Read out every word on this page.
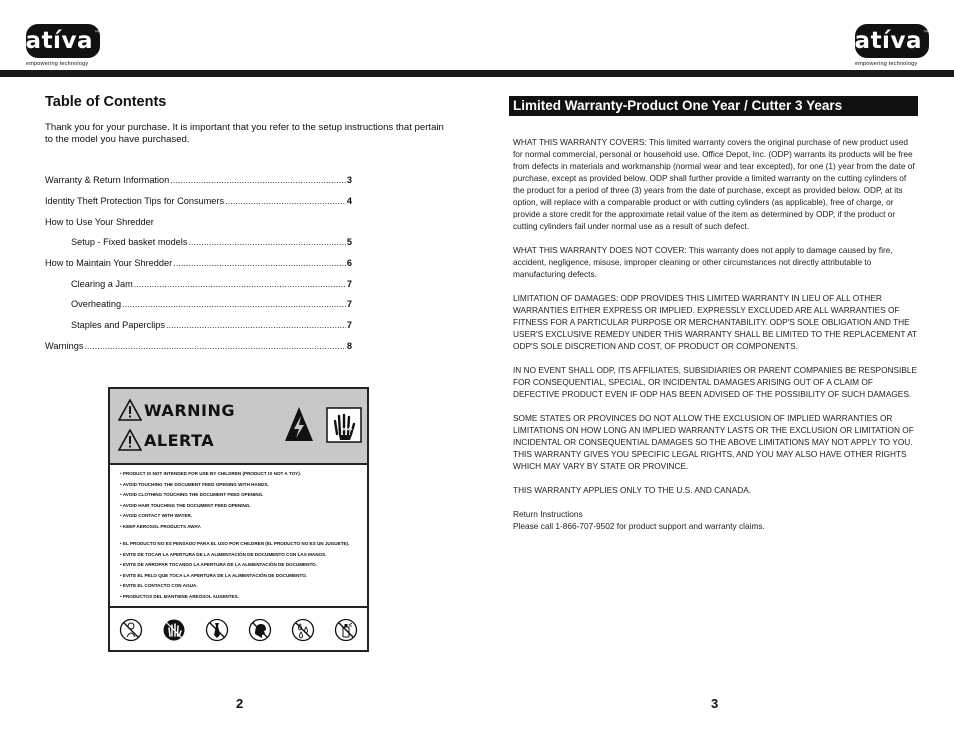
atíva™
empowering technology
atíva™
empowering technology
Table of Contents
Thank you for your purchase. It is important that you refer to the setup instructions that pertain to the model you have purchased.
Warranty & Return Information .....	3
Identity Theft Protection Tips for Consumers .....	4
How to Use Your Shredder
Setup - Fixed basket models .....	5
How to Maintain Your Shredder .....	6
Clearing a Jam .....	7
Overheating .....	7
Staples and Paperclips .....	7
Warnings .....	8
WARNING
ALERTA
• PRODUCT IS NOT INTENDED FOR USE BY CHILDREN (PRODUCT IS NOT A TOY).
• AVOID TOUCHING THE DOCUMENT FEED OPENING WITH HANDS.
• AVOID CLOTHING TOUCHING THE DOCUMENT FEED OPENING.
• AVOID HAIR TOUCHING THE DOCUMENT FEED OPENING.
• AVOID CONTACT WITH WATER.
• KEEP AEROSOL PRODUCTS AWAY.
• EL PRODUCTO NO ES PENSADO PARA EL USO POR CHILDREN (EL PRODUCTO NO ES UN JUGUETE).
• EVITE DE TOCAR LA APERTURA DE LA ALIMENTACIÓN DE DOCUMENTO CON LAS MANOS.
• EVITE DE ARROPAR TOCANDO LA APERTURA DE LA ALIMENTACIÓN DE DOCUMENTO.
• EVITE EL PELO QUE TOCA LA APERTURA DE LA ALIMENTACIÓN DE DOCUMENTO.
• EVITE EL CONTACTO CON AGUA.
• PRODUCTOS DEL MANTIENE AREOSOL AUSENTES.
2
Limited Warranty-Product One Year / Cutter 3 Years

WHAT THIS WARRANTY COVERS: This limited warranty covers the original purchase of new product used for normal commercial, personal or household use. Office Depot, Inc. (ODP) warrants its products will be free from defects in materials and workmanship (normal wear and tear excepted), for one (1) year from the date of purchase, except as provided below. ODP shall further provide a limited warranty on the cutting cylinders of the product for a period of three (3) years from the date of purchase, except as provided below. ODP, at its option, will replace with a comparable product or with cutting cylinders (as applicable), free of charge, or provide a store credit for the approximate retail value of the item as determined by ODP, if the product or cutting cylinders fail under normal use as a result of such defect.

WHAT THIS WARRANTY DOES NOT COVER: This warranty does not apply to damage caused by fire, accident, negligence, misuse, improper cleaning or other circumstances not directly attributable to manufacturing defects.

LIMITATION OF DAMAGES: ODP PROVIDES THIS LIMITED WARRANTY IN LIEU OF ALL OTHER WARRANTIES EITHER EXPRESS OR IMPLIED. EXPRESSLY EXCLUDED ARE ALL WARRANTIES OF FITNESS FOR A PARTICULAR PURPOSE OR MERCHANTABILITY. ODP'S SOLE OBLIGATION AND THE USER'S EXCLUSIVE REMEDY UNDER THIS WARRANTY SHALL BE LIMITED TO THE REPLACEMENT AT ODP'S SOLE DISCRETION AND COST, OF PRODUCT OR COMPONENTS.

IN NO EVENT SHALL ODP, ITS AFFILIATES, SUBSIDIARIES OR PARENT COMPANIES BE RESPONSIBLE FOR CONSEQUENTIAL, SPECIAL, OR INCIDENTAL DAMAGES ARISING OUT OF A CLAIM OF DEFECTIVE PRODUCT EVEN IF ODP HAS BEEN ADVISED OF THE POSSIBILITY OF SUCH DAMAGES.

SOME STATES OR PROVINCES DO NOT ALLOW THE EXCLUSION OF IMPLIED WARRANTIES OR LIMITATIONS ON HOW LONG AN IMPLIED WARRANTY LASTS OR THE EXCLUSION OR LIMITATION OF INCIDENTAL OR CONSEQUENTIAL DAMAGES SO THE ABOVE LIMITATIONS MAY NOT APPLY TO YOU. THIS WARRANTY GIVES YOU SPECIFIC LEGAL RIGHTS, AND YOU MAY ALSO HAVE OTHER RIGHTS WHICH MAY VARY BY STATE OR PROVINCE.

THIS WARRANTY APPLIES ONLY TO THE U.S. AND CANADA.

Return Instructions

Please call 1-866-707-9502 for product support and warranty claims.

3
